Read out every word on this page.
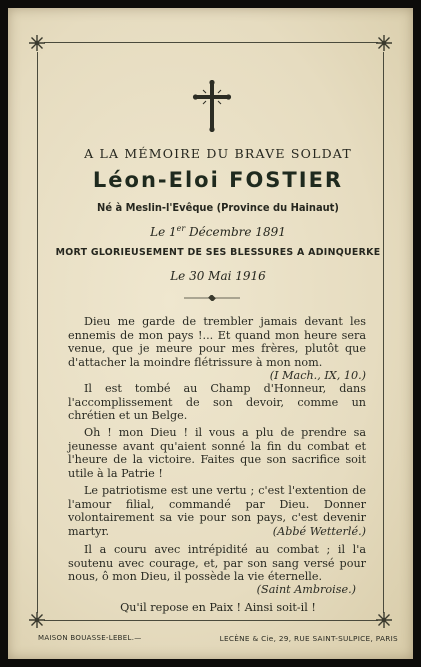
A LA MÉMOIRE DU BRAVE SOLDAT
Léon-Eloi FOSTIER
Né à Meslin-l'Evêque (Province du Hainaut)
Le 1er Décembre 1891
MORT GLORIEUSEMENT DE SES BLESSURES A ADINQUERKE
Le 30 Mai 1916
Dieu me garde de trembler jamais devant les ennemis de mon pays !... Et quand mon heure sera venue, que je meure pour mes frères, plutôt que d'attacher la moindre flétrissure à mon nom.
(I Mach., IX, 10.)
Il est tombé au Champ d'Honneur, dans l'accomplissement de son devoir, comme un chrétien et un Belge.
Oh ! mon Dieu ! il vous a plu de prendre sa jeunesse avant qu'aient sonné la fin du combat et l'heure de la victoire. Faites que son sacrifice soit utile à la Patrie !
Le patriotisme est une vertu ; c'est l'extention de l'amour filial, commandé par Dieu. Donner volontairement sa vie pour son pays, c'est devenir martyr.	(Abbé Wetterlé.)
Il a couru avec intrépidité au combat ; il l'a soutenu avec courage, et, par son sang versé pour nous, ô mon Dieu, il possède la vie éternelle.
(Saint Ambroise.)
Qu'il repose en Paix ! Ainsi soit-il !
MAISON BOUASSE-LEBEL.—	LECÈNE & Cie, 29, RUE SAINT-SULPICE, PARIS
